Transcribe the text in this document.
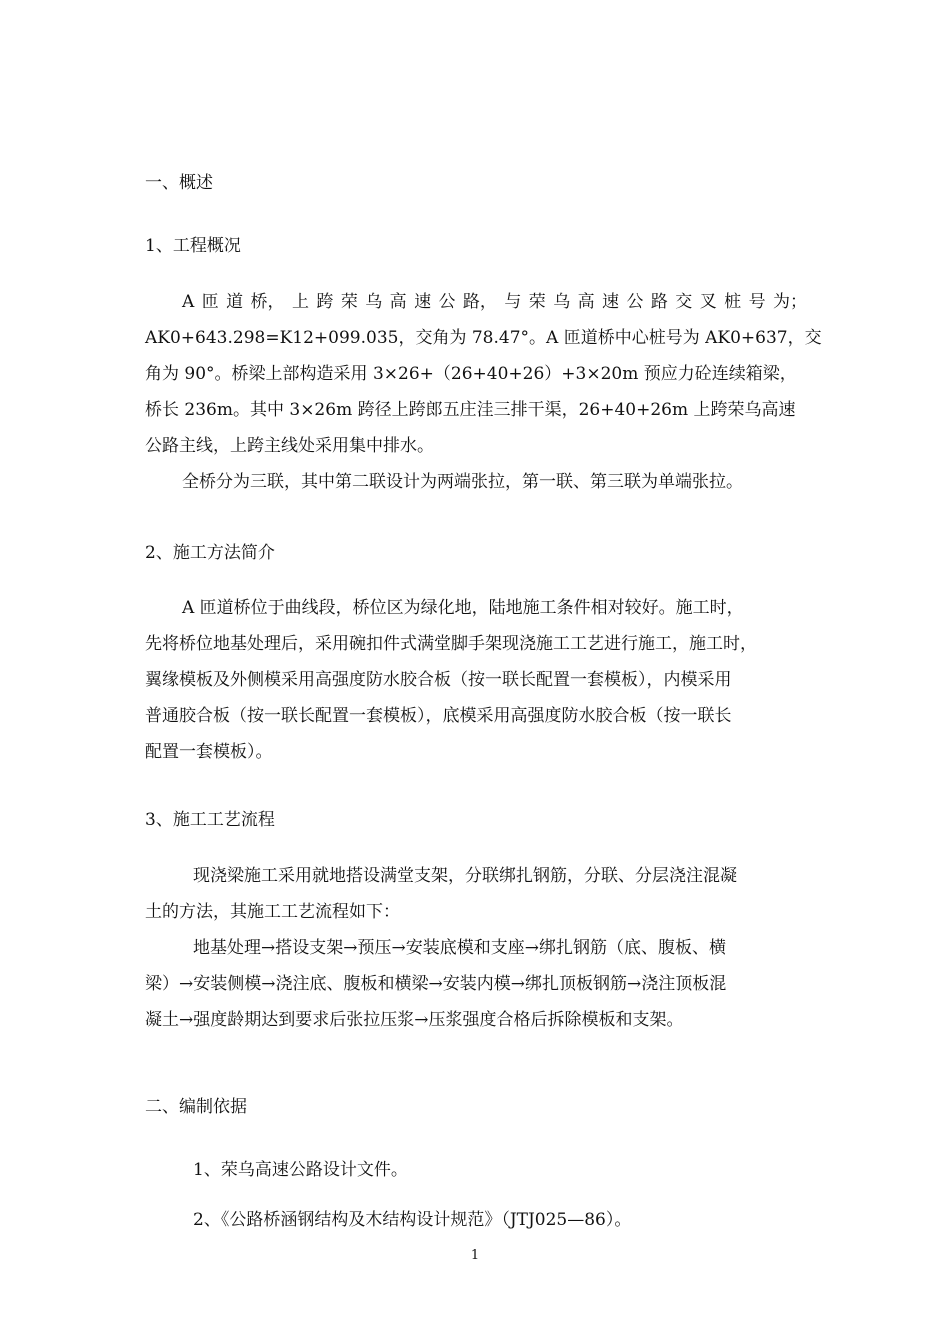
一、概述
1、工程概况
A 匝 道 桥， 上 跨 荣 乌 高 速 公 路， 与 荣 乌 高 速 公 路 交 叉 桩 号 为；
AK0+643.298=K12+099.035，交角为 78.47°。A 匝道桥中心桩号为 AK0+637，交
角为 90°。桥梁上部构造采用 3×26+（26+40+26）+3×20m 预应力砼连续箱梁，
桥长 236m。其中 3×26m 跨径上跨郎五庄洼三排干渠，26+40+26m 上跨荣乌高速
公路主线，上跨主线处采用集中排水。
全桥分为三联，其中第二联设计为两端张拉，第一联、第三联为单端张拉。
2、施工方法简介
A 匝道桥位于曲线段，桥位区为绿化地，陆地施工条件相对较好。施工时，
先将桥位地基处理后，采用碗扣件式满堂脚手架现浇施工工艺进行施工，施工时，
翼缘模板及外侧模采用高强度防水胶合板（按一联长配置一套模板），内模采用
普通胶合板（按一联长配置一套模板），底模采用高强度防水胶合板（按一联长
配置一套模板）。
3、施工工艺流程
现浇梁施工采用就地搭设满堂支架，分联绑扎钢筋，分联、分层浇注混凝
土的方法，其施工工艺流程如下：
地基处理→搭设支架→预压→安装底模和支座→绑扎钢筋（底、腹板、横
梁）→安装侧模→浇注底、腹板和横梁→安装内模→绑扎顶板钢筋→浇注顶板混
凝土→强度龄期达到要求后张拉压浆→压浆强度合格后拆除模板和支架。
二、编制依据
1、荣乌高速公路设计文件。
2、《公路桥涵钢结构及木结构设计规范》（JTJ025—86）。
1
